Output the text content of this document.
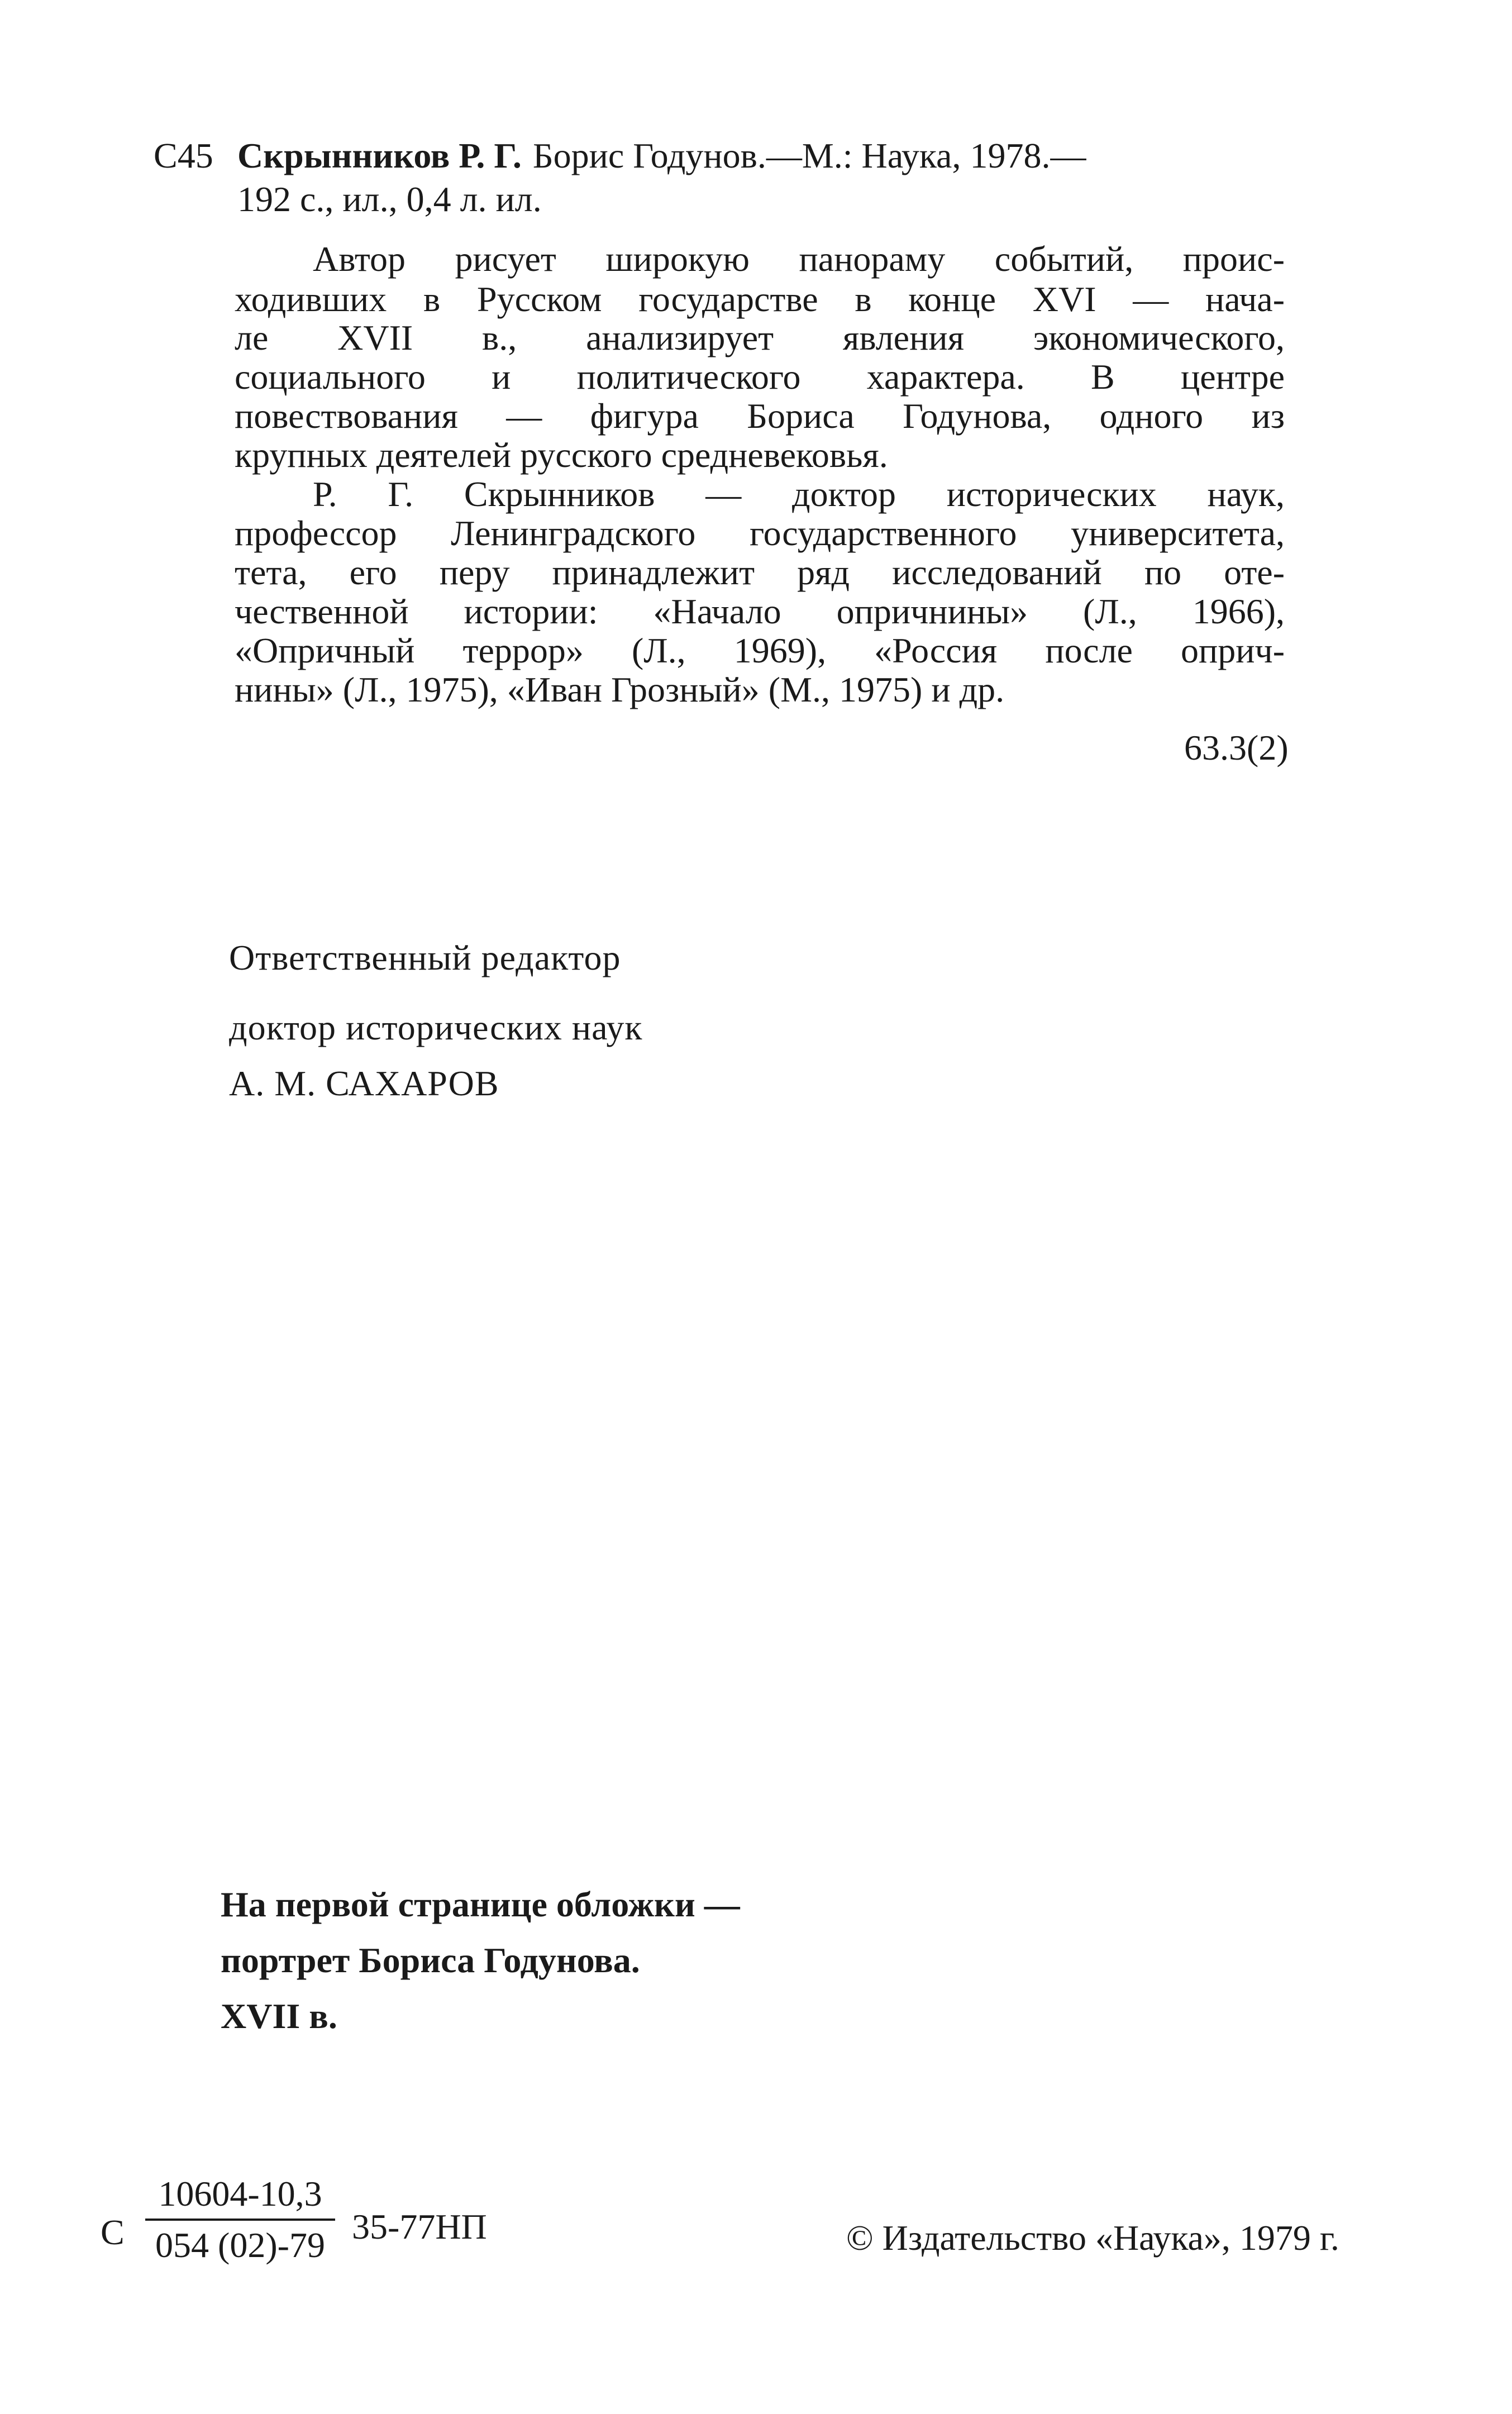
С45 Скрынников Р. Г. Борис Годунов.—М.: Наука, 1978.—
192 с., ил., 0,4 л. ил.
Автор рисует широкую панораму событий, проис-
ходивших в Русском государстве в конце XVI — нача-
ле XVII в., анализирует явления экономического,
социального и политического характера. В центре
повествования — фигура Бориса Годунова, одного из
крупных деятелей русского средневековья.
Р. Г. Скрынников — доктор исторических наук,
профессор Ленинградского государственного университета,
тета, его перу принадлежит ряд исследований по оте-
чественной истории: «Начало опричнины» (Л., 1966),
«Опричный террор» (Л., 1969), «Россия после оприч-
нины» (Л., 1975), «Иван Грозный» (М., 1975) и др.
63.3(2)
Ответственный редактор
доктор исторических наук
А. М. САХАРОВ
На первой странице обложки —
портрет Бориса Годунова.
XVII в.
С
10604-10,3
054 (02)-79 35-77НП	© Издательство «Наука», 1979 г.
